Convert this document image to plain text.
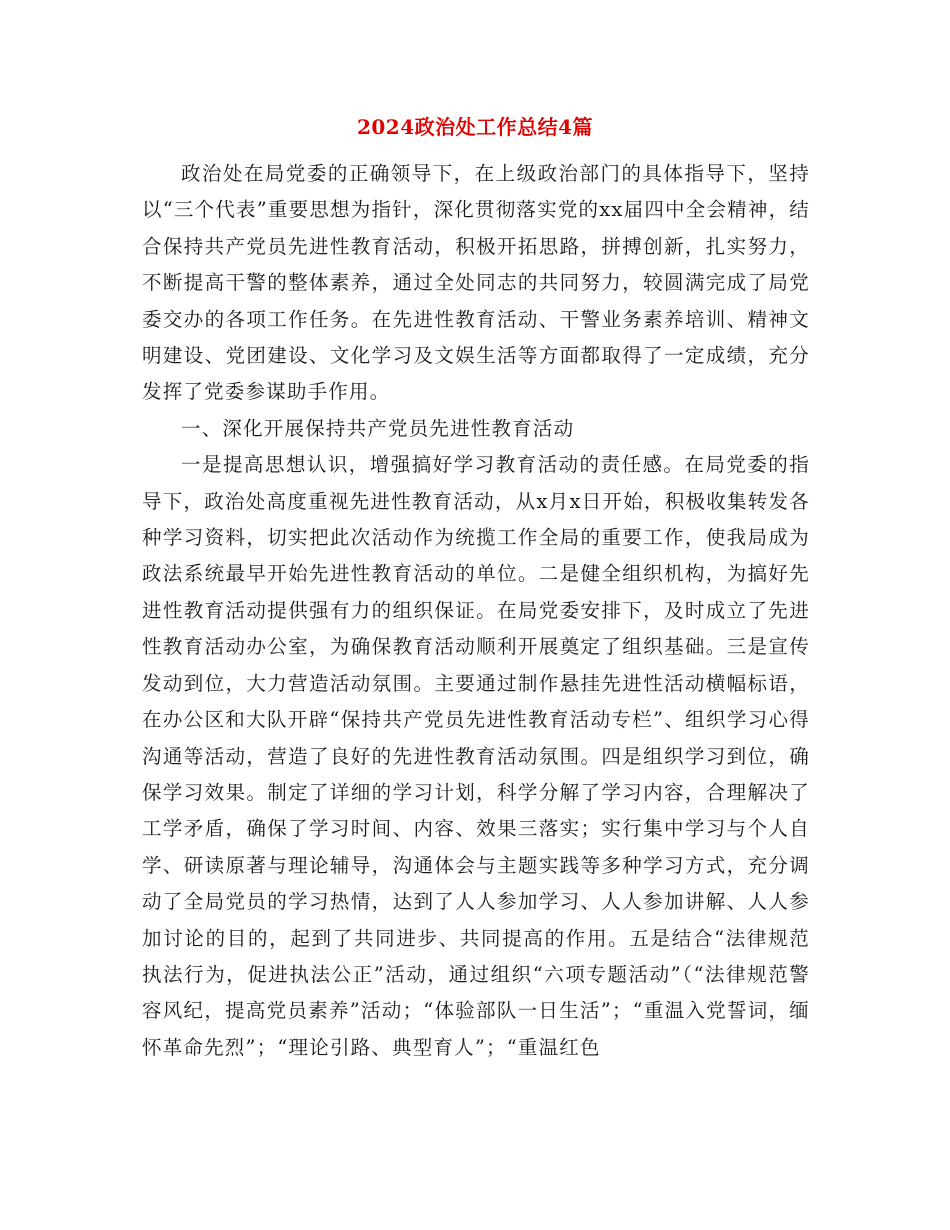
2024政治处工作总结4篇

政治处在局党委的正确领导下，在上级政治部门的具体指导下，坚持以“三个代表”重要思想为指针，深化贯彻落实党的xx届四中全会精神，结合保持共产党员先进性教育活动，积极开拓思路，拼搏创新，扎实努力，不断提高干警的整体素养，通过全处同志的共同努力，较圆满完成了局党委交办的各项工作任务。在先进性教育活动、干警业务素养培训、精神文明建设、党团建设、文化学习及文娱生活等方面都取得了一定成绩，充分发挥了党委参谋助手作用。

一、深化开展保持共产党员先进性教育活动

一是提高思想认识，增强搞好学习教育活动的责任感。在局党委的指导下，政治处高度重视先进性教育活动，从x月x日开始，积极收集转发各种学习资料，切实把此次活动作为统揽工作全局的重要工作，使我局成为政法系统最早开始先进性教育活动的单位。二是健全组织机构，为搞好先进性教育活动提供强有力的组织保证。在局党委安排下，及时成立了先进性教育活动办公室，为确保教育活动顺利开展奠定了组织基础。三是宣传发动到位，大力营造活动氛围。主要通过制作悬挂先进性活动横幅标语，在办公区和大队开辟“保持共产党员先进性教育活动专栏”、组织学习心得沟通等活动，营造了良好的先进性教育活动氛围。四是组织学习到位，确保学习效果。制定了详细的学习计划，科学分解了学习内容，合理解决了工学矛盾，确保了学习时间、内容、效果三落实；实行集中学习与个人自学、研读原著与理论辅导，沟通体会与主题实践等多种学习方式，充分调动了全局党员的学习热情，达到了人人参加学习、人人参加讲解、人人参加讨论的目的，起到了共同进步、共同提高的作用。五是结合“法律规范执法行为，促进执法公正”活动，通过组织“六项专题活动”（“法律规范警容风纪，提高党员素养”活动；“体验部队一日生活”；“重温入党誓词，缅怀革命先烈”；“理论引路、典型育人”；“重温红色
